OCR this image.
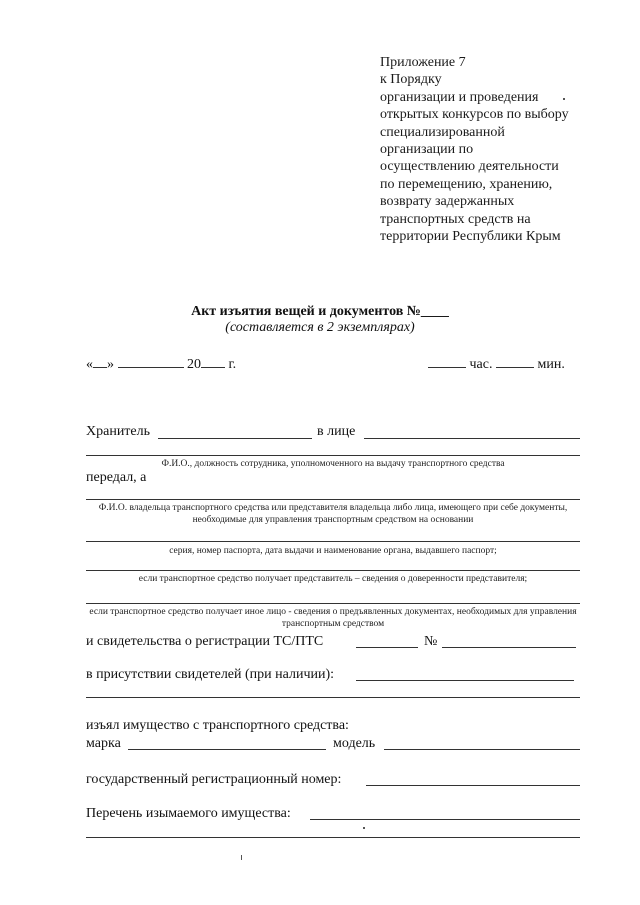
Приложение 7
к Порядку
организации и проведения
открытых конкурсов по выбору
специализированной
организации по
осуществлению деятельности
по перемещению, хранению,
возврату задержанных
транспортных средств на
территории Республики Крым
Акт изъятия вещей и документов №____
(составляется в 2 экземплярах)
« »	20 г.	час.	мин.
Хранитель	в лице
Ф.И.О., должность сотрудника, уполномоченного на выдачу транспортного средства
передал, а
Ф.И.О. владельца транспортного средства или представителя владельца либо лица, имеющего при себе документы, необходимые для управления транспортным средством на основании
серия, номер паспорта, дата выдачи и наименование органа, выдавшего паспорт;
если транспортное средство получает представитель – сведения о доверенности представителя;
если транспортное средство получает иное лицо - сведения о предъявленных документах, необходимых для управления транспортным средством
и свидетельства о регистрации ТС/ПТС	№
в присутствии свидетелей (при наличии):
изъял имущество с транспортного средства:
марка	модель
государственный регистрационный номер:
Перечень изымаемого имущества:
